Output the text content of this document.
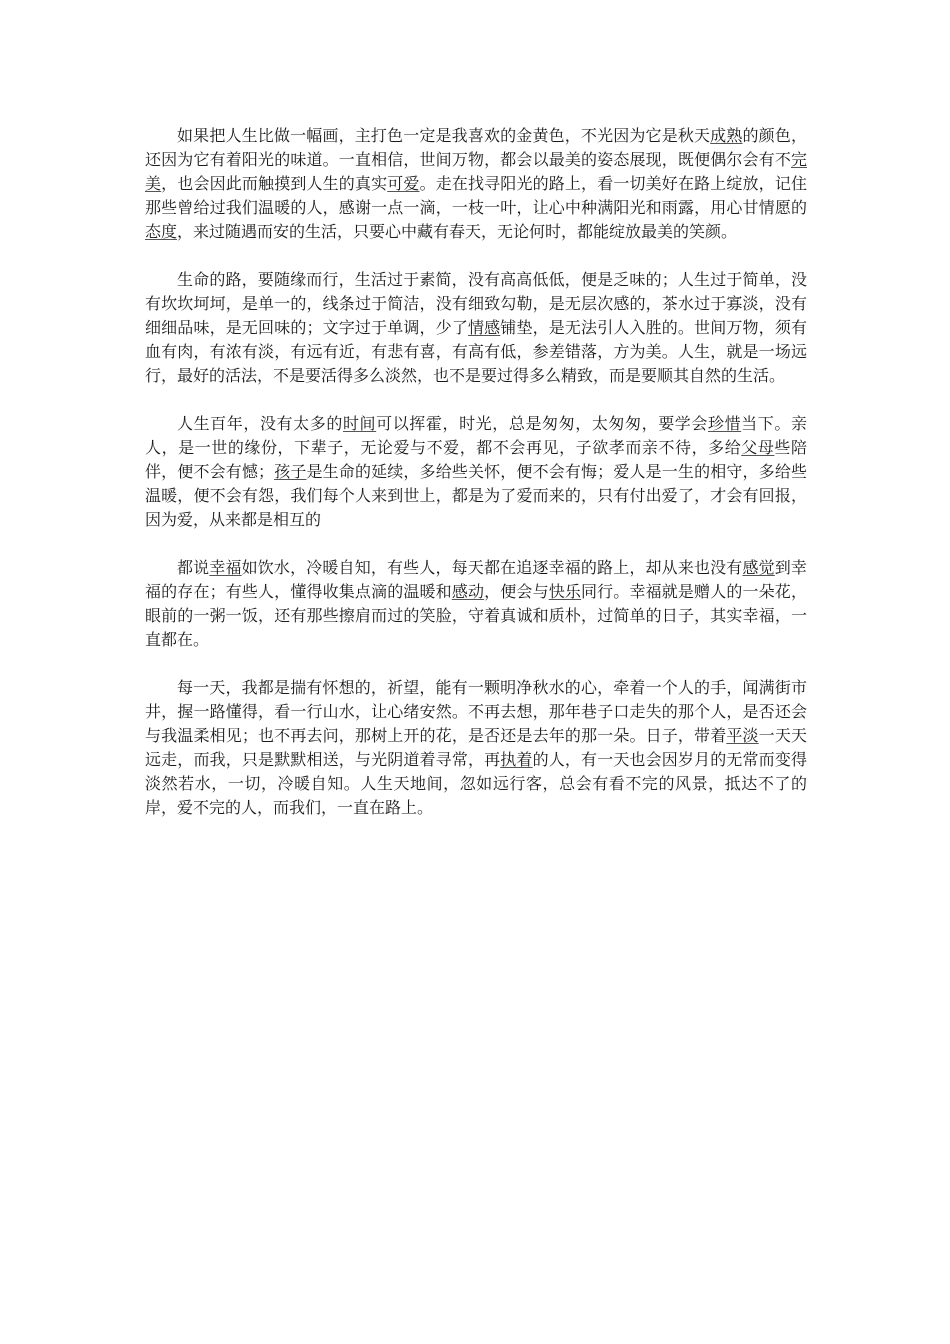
如果把人生比做一幅画，主打色一定是我喜欢的金黄色，不光因为它是秋天成熟的颜色，还因为它有着阳光的味道。一直相信，世间万物，都会以最美的姿态展现，既便偶尔会有不完美，也会因此而触摸到人生的真实可爱。走在找寻阳光的路上，看一切美好在路上绽放，记住那些曾给过我们温暖的人，感谢一点一滴，一枝一叶，让心中种满阳光和雨露，用心甘情愿的态度，来过随遇而安的生活，只要心中藏有春天，无论何时，都能绽放最美的笑颜。

生命的路，要随缘而行，生活过于素简，没有高高低低，便是乏味的；人生过于简单，没有坎坎坷坷，是单一的，线条过于简洁，没有细致勾勒，是无层次感的，茶水过于寡淡，没有细细品味，是无回味的；文字过于单调，少了情感铺垫，是无法引人入胜的。世间万物，须有血有肉，有浓有淡，有远有近，有悲有喜，有高有低，参差错落，方为美。人生，就是一场远行，最好的活法，不是要活得多么淡然，也不是要过得多么精致，而是要顺其自然的生活。

人生百年，没有太多的时间可以挥霍，时光，总是匆匆，太匆匆，要学会珍惜当下。亲人，是一世的缘份，下辈子，无论爱与不爱，都不会再见，子欲孝而亲不待，多给父母些陪伴，便不会有憾；孩子是生命的延续，多给些关怀，便不会有悔；爱人是一生的相守，多给些温暖，便不会有怨，我们每个人来到世上，都是为了爱而来的，只有付出爱了，才会有回报，因为爱，从来都是相互的

都说幸福如饮水，冷暖自知，有些人，每天都在追逐幸福的路上，却从来也没有感觉到幸福的存在；有些人，懂得收集点滴的温暖和感动，便会与快乐同行。幸福就是赠人的一朵花，眼前的一粥一饭，还有那些擦肩而过的笑脸，守着真诚和质朴，过简单的日子，其实幸福，一直都在。

每一天，我都是揣有怀想的，祈望，能有一颗明净秋水的心，牵着一个人的手，闻满街市井，握一路懂得，看一行山水，让心绪安然。不再去想，那年巷子口走失的那个人，是否还会与我温柔相见；也不再去问，那树上开的花，是否还是去年的那一朵。日子，带着平淡一天天远走，而我，只是默默相送，与光阴道着寻常，再执着的人，有一天也会因岁月的无常而变得淡然若水，一切，冷暖自知。人生天地间，忽如远行客，总会有看不完的风景，抵达不了的岸，爱不完的人，而我们，一直在路上。
